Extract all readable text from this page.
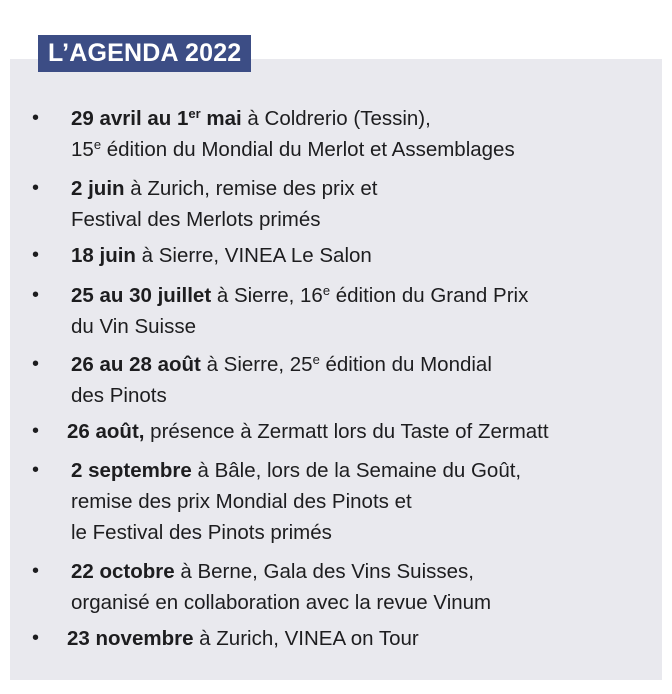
L’AGENDA 2022
• 29 avril au 1er mai à Coldrerio (Tessin),
15e édition du Mondial du Merlot et Assemblages
• 2 juin à Zurich, remise des prix et
Festival des Merlots primés
• 18 juin à Sierre, VINEA Le Salon
• 25 au 30 juillet à Sierre, 16e édition du Grand Prix
du Vin Suisse
• 26 au 28 août à Sierre, 25e édition du Mondial
des Pinots
• 26 août, présence à Zermatt lors du Taste of Zermatt
• 2 septembre à Bâle, lors de la Semaine du Goût,
remise des prix Mondial des Pinots et
le Festival des Pinots primés
• 22 octobre à Berne, Gala des Vins Suisses,
organisé en collaboration avec la revue Vinum
• 23 novembre à Zurich, VINEA on Tour
